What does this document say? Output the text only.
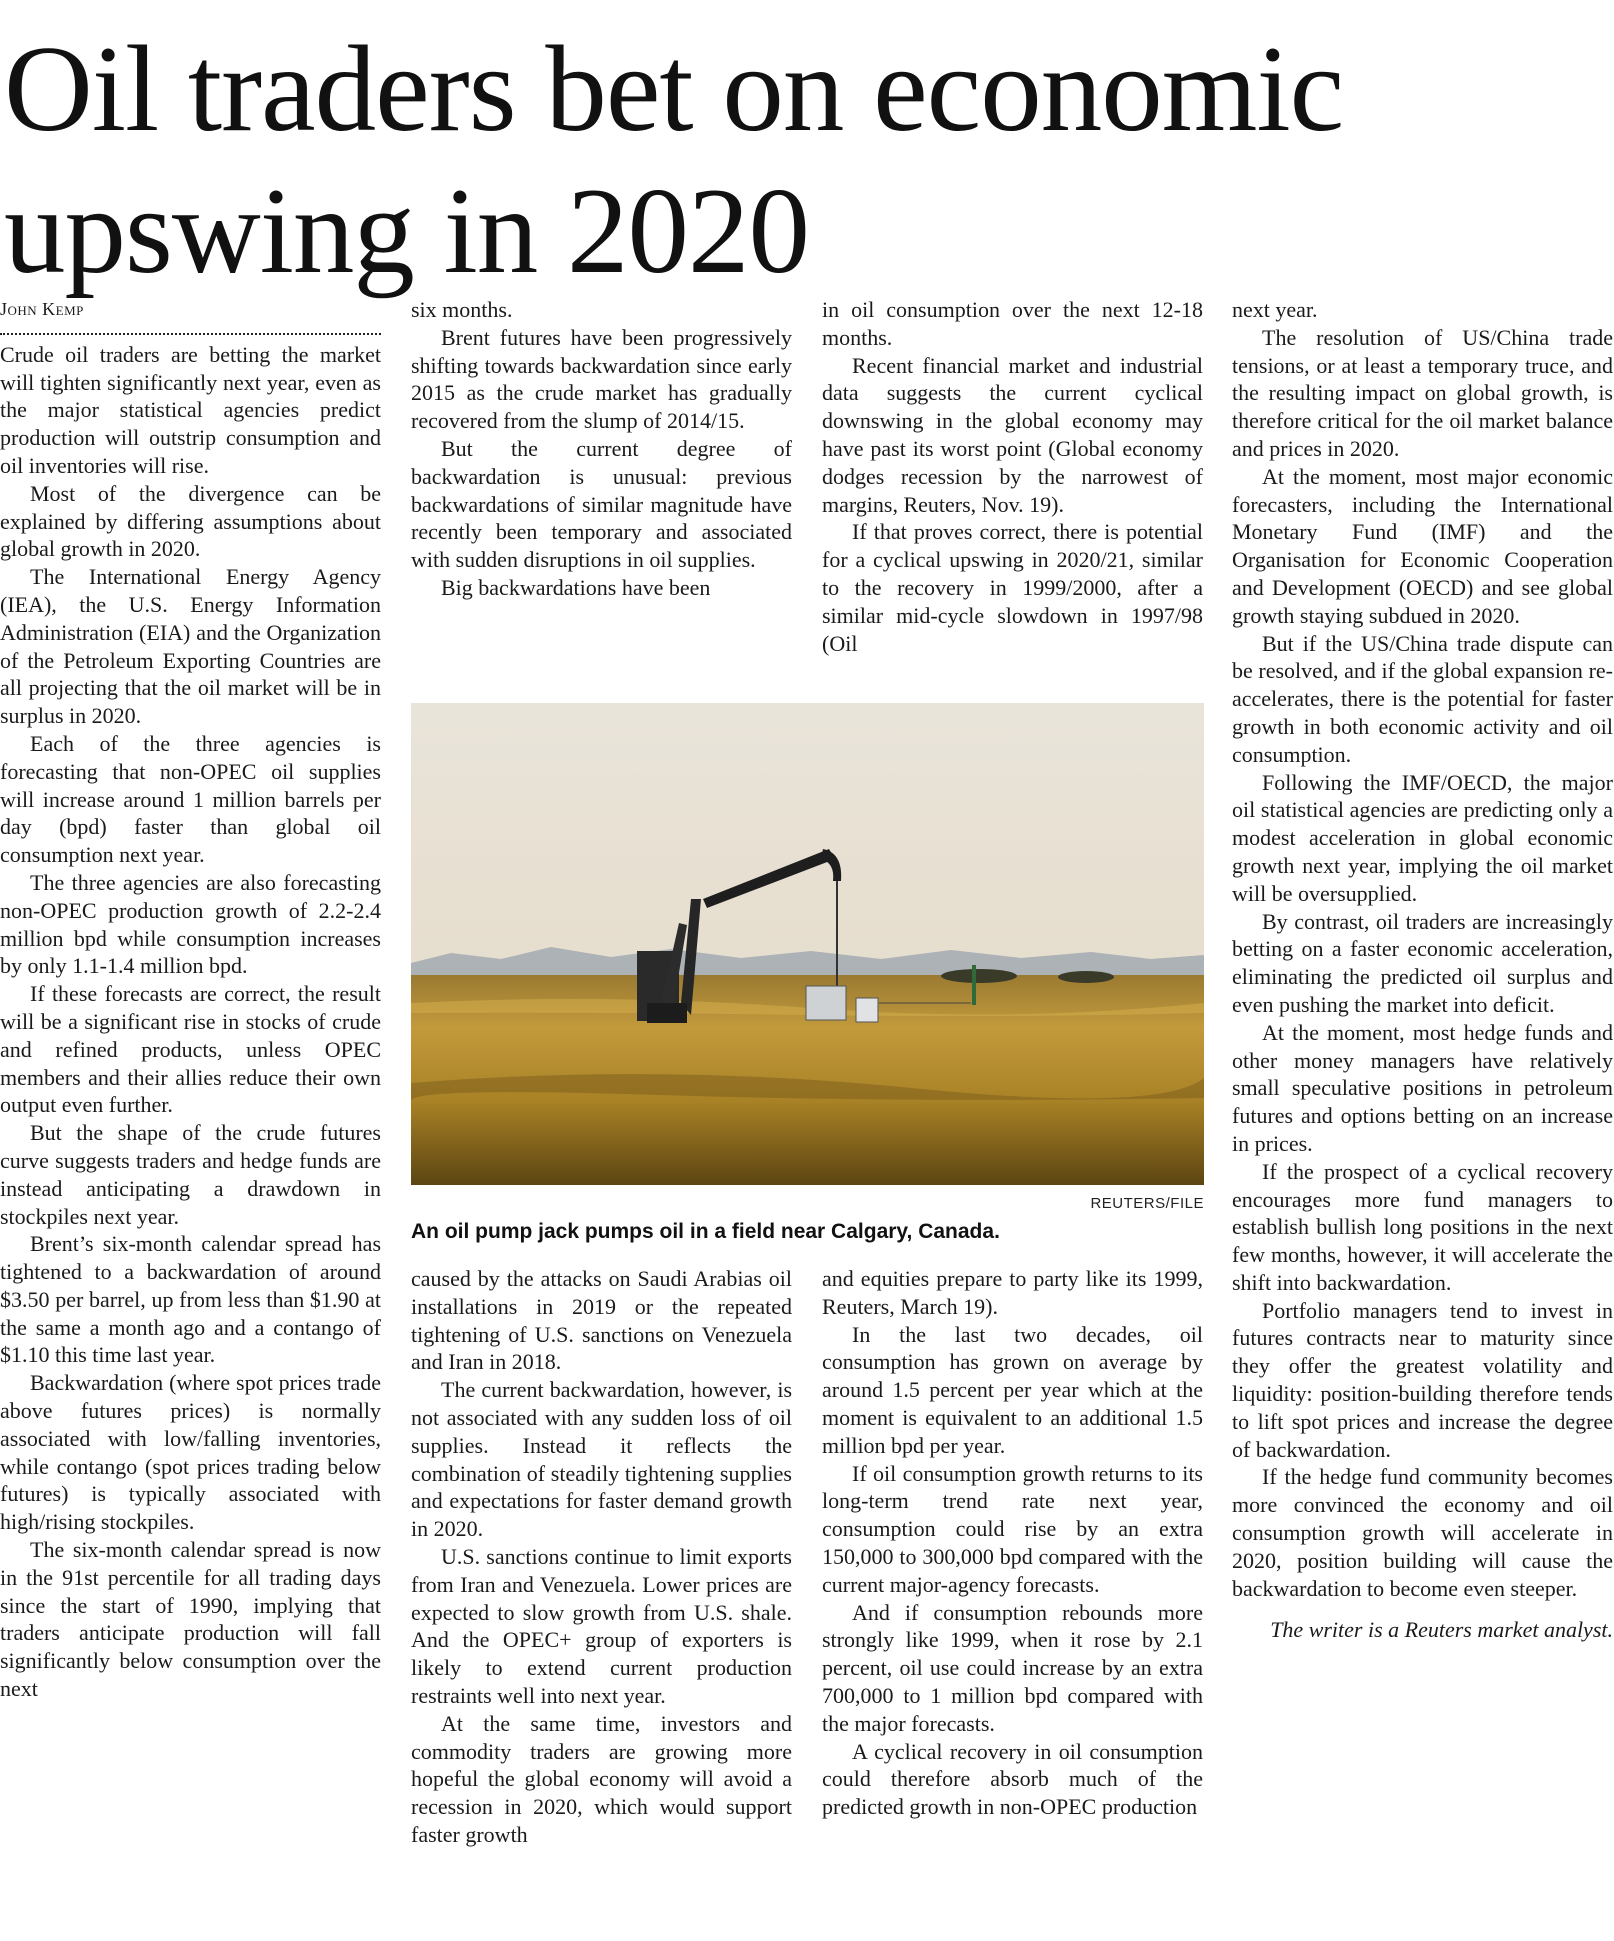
Oil traders bet on economic upswing in 2020
John Kemp

Crude oil traders are betting the market will tighten significantly next year, even as the major statistical agencies predict production will outstrip consumption and oil inventories will rise.

Most of the divergence can be explained by differing assumptions about global growth in 2020.

The International Energy Agency (IEA), the U.S. Energy Information Administration (EIA) and the Organization of the Petroleum Exporting Countries are all projecting that the oil market will be in surplus in 2020.

Each of the three agencies is forecasting that non-OPEC oil supplies will increase around 1 million barrels per day (bpd) faster than global oil consumption next year.

The three agencies are also forecasting non-OPEC production growth of 2.2-2.4 million bpd while consumption increases by only 1.1-1.4 million bpd.

If these forecasts are correct, the result will be a significant rise in stocks of crude and refined products, unless OPEC members and their allies reduce their own output even further.

But the shape of the crude futures curve suggests traders and hedge funds are instead anticipating a drawdown in stockpiles next year.

Brent’s six-month calendar spread has tightened to a backwardation of around $3.50 per barrel, up from less than $1.90 at the same a month ago and a contango of $1.10 this time last year.

Backwardation (where spot prices trade above futures prices) is normally associated with low/falling inventories, while contango (spot prices trading below futures) is typically associated with high/rising stockpiles.

The six-month calendar spread is now in the 91st percentile for all trading days since the start of 1990, implying that traders anticipate production will fall significantly below consumption over the next

six months.

Brent futures have been progressively shifting towards backwardation since early 2015 as the crude market has gradually recovered from the slump of 2014/15.

But the current degree of backwardation is unusual: previous backwardations of similar magnitude have recently been temporary and associated with sudden disruptions in oil supplies.

Big backwardations have been

in oil consumption over the next 12-18 months.

Recent financial market and industrial data suggests the current cyclical downswing in the global economy may have past its worst point (Global economy dodges recession by the narrowest of margins, Reuters, Nov. 19).

If that proves correct, there is potential for a cyclical upswing in 2020/21, similar to the recovery in 1999/2000, after a similar mid-cycle slowdown in 1997/98 (Oil

REUTERS/FILE
An oil pump jack pumps oil in a field near Calgary, Canada.

caused by the attacks on Saudi Arabias oil installations in 2019 or the repeated tightening of U.S. sanctions on Venezuela and Iran in 2018.

The current backwardation, however, is not associated with any sudden loss of oil supplies. Instead it reflects the combination of steadily tightening supplies and expectations for faster demand growth in 2020.

U.S. sanctions continue to limit exports from Iran and Venezuela. Lower prices are expected to slow growth from U.S. shale. And the OPEC+ group of exporters is likely to extend current production restraints well into next year.

At the same time, investors and commodity traders are growing more hopeful the global economy will avoid a recession in 2020, which would support faster growth

and equities prepare to party like its 1999, Reuters, March 19).

In the last two decades, oil consumption has grown on average by around 1.5 percent per year which at the moment is equivalent to an additional 1.5 million bpd per year.

If oil consumption growth returns to its long-term trend rate next year, consumption could rise by an extra 150,000 to 300,000 bpd compared with the current major-agency forecasts.

And if consumption rebounds more strongly like 1999, when it rose by 2.1 percent, oil use could increase by an extra 700,000 to 1 million bpd compared with the major forecasts.

A cyclical recovery in oil consumption could therefore absorb much of the predicted growth in non-OPEC production

next year.

The resolution of US/China trade tensions, or at least a temporary truce, and the resulting impact on global growth, is therefore critical for the oil market balance and prices in 2020.

At the moment, most major economic forecasters, including the International Monetary Fund (IMF) and the Organisation for Economic Cooperation and Development (OECD) and see global growth staying subdued in 2020.

But if the US/China trade dispute can be resolved, and if the global expansion re-accelerates, there is the potential for faster growth in both economic activity and oil consumption.

Following the IMF/OECD, the major oil statistical agencies are predicting only a modest acceleration in global economic growth next year, implying the oil market will be oversupplied.

By contrast, oil traders are increasingly betting on a faster economic acceleration, eliminating the predicted oil surplus and even pushing the market into deficit.

At the moment, most hedge funds and other money managers have relatively small speculative positions in petroleum futures and options betting on an increase in prices.

If the prospect of a cyclical recovery encourages more fund managers to establish bullish long positions in the next few months, however, it will accelerate the shift into backwardation.

Portfolio managers tend to invest in futures contracts near to maturity since they offer the greatest volatility and liquidity: position-building therefore tends to lift spot prices and increase the degree of backwardation.

If the hedge fund community becomes more convinced the economy and oil consumption growth will accelerate in 2020, position building will cause the backwardation to become even steeper.

The writer is a Reuters market analyst.
